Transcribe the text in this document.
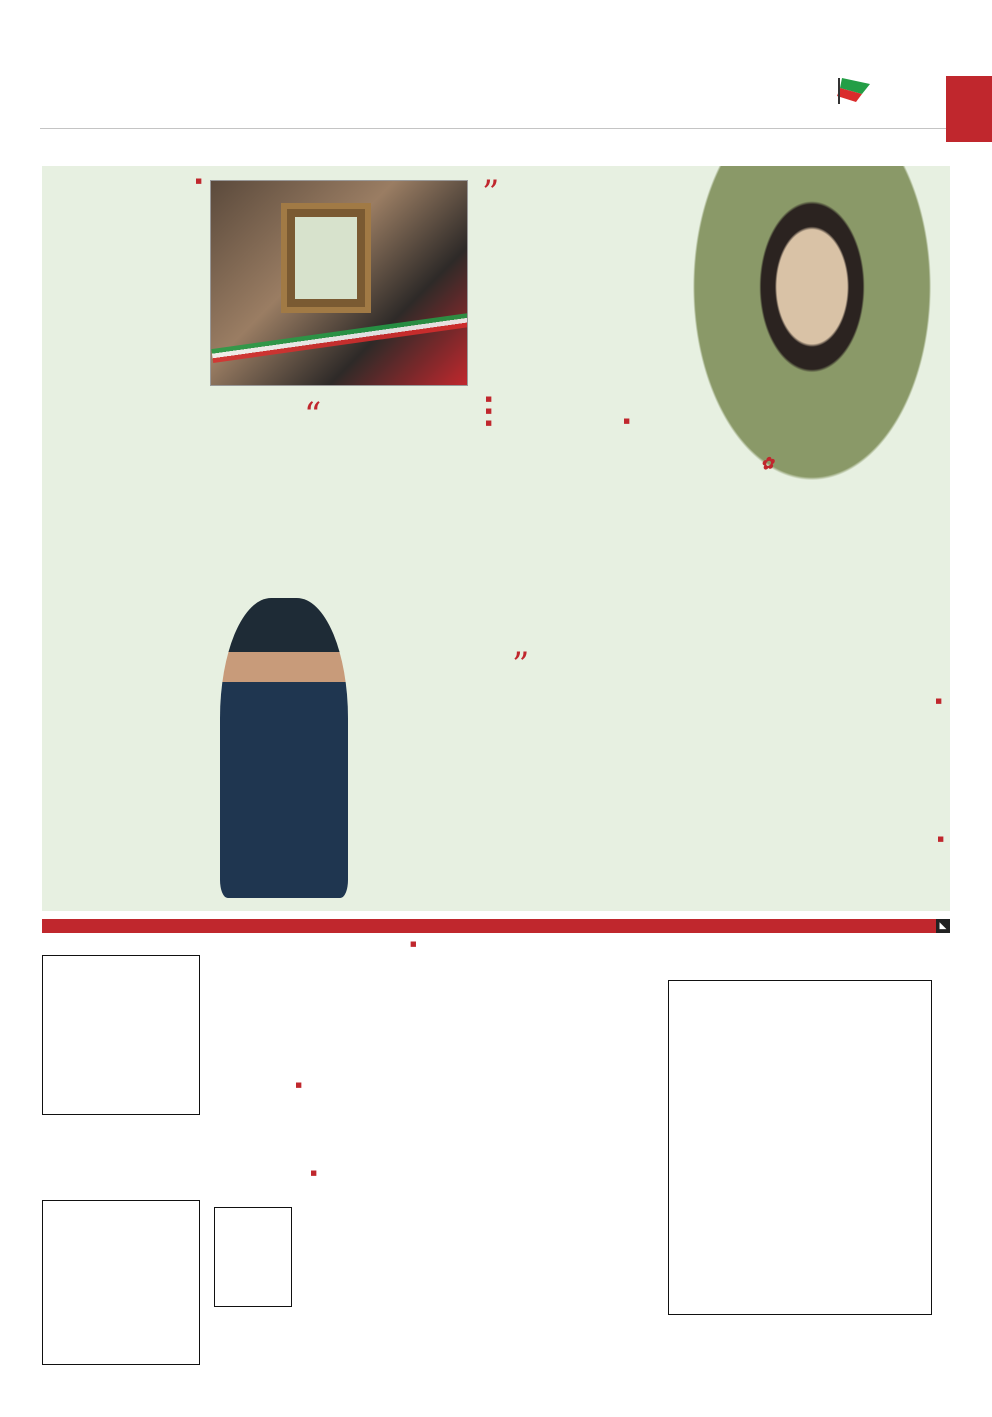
✿
”

■

■

”

■

■

■

“
■

■

◣
■
■
■
